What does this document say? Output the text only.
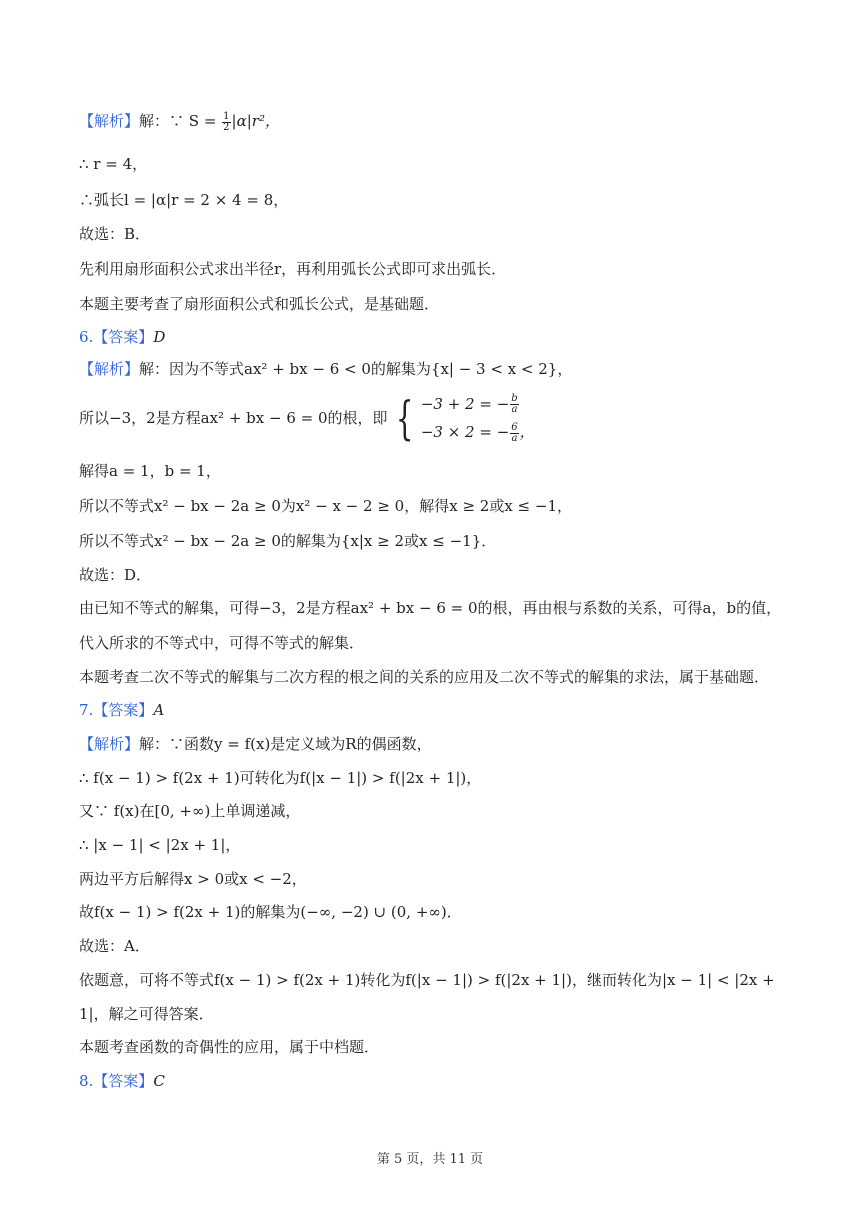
【解析】解：∵ $S = \frac{1}{2} |\alpha|r^2$，
∴ r = 4，
∴弧长l = |α|r = 2 × 4 = 8，
故选：B．
先利用扇形面积公式求出半径r，再利用弧长公式即可求出弧长．
本题主要考查了扇形面积公式和弧长公式，是基础题．
6.【答案】D
【解析】解：因为不等式ax² + bx − 6 < 0的解集为{x| − 3 < x < 2}，
所以−3，2是方程ax² + bx − 6 = 0的根，即 { −3 + 2 = − $\frac{b}{a}$
−3 × 2 = − $\frac{6}{a}$ ，
解得a = 1，b = 1，
所以不等式x² − bx − 2a ≥ 0为x² − x − 2 ≥ 0，解得x ≥ 2或x ≤ −1，
所以不等式x² − bx − 2a ≥ 0的解集为{x|x ≥ 2或x ≤ −1}．
故选：D．
由已知不等式的解集，可得−3，2是方程ax² + bx − 6 = 0的根，再由根与系数的关系，可得a，b的值，
代入所求的不等式中，可得不等式的解集．
本题考查二次不等式的解集与二次方程的根之间的关系的应用及二次不等式的解集的求法，属于基础题．
7.【答案】A
【解析】解：∵函数y = f(x)是定义域为R的偶函数，
∴ f(x − 1) > f(2x + 1)可转化为f(|x − 1|) > f(|2x + 1|)，
又∵ f(x)在[0, +∞)上单调递减，
∴ |x − 1| < |2x + 1|，
两边平方后解得x > 0或x < −2，
故f(x − 1) > f(2x + 1)的解集为(−∞, −2) ∪ (0, +∞)．
故选：A．
依题意，可将不等式f(x − 1) > f(2x + 1)转化为f(|x − 1|) > f(|2x + 1|)，继而转化为|x − 1| < |2x +
1|，解之可得答案．
本题考查函数的奇偶性的应用，属于中档题．
8.【答案】C
第 5 页，共 11 页
